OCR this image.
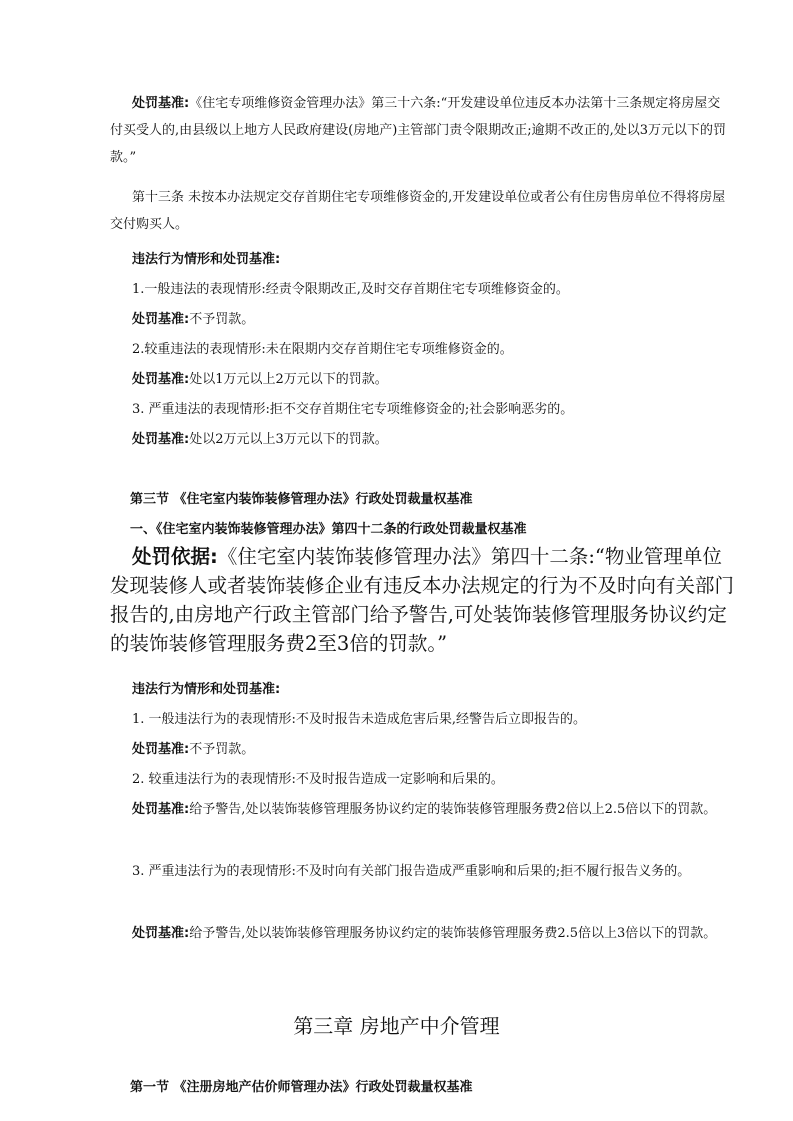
处罚基准:《住宅专项维修资金管理办法》第三十六条:“开发建设单位违反本办法第十三条规定将房屋交付买受人的,由县级以上地方人民政府建设(房地产)主管部门责令限期改正;逾期不改正的,处以3万元以下的罚款。”

第十三条 未按本办法规定交存首期住宅专项维修资金的,开发建设单位或者公有住房售房单位不得将房屋交付购买人。

违法行为情形和处罚基准:

1.一般违法的表现情形:经责令限期改正,及时交存首期住宅专项维修资金的。

处罚基准:不予罚款。

2.较重违法的表现情形:未在限期内交存首期住宅专项维修资金的。

处罚基准:处以1万元以上2万元以下的罚款。

3. 严重违法的表现情形:拒不交存首期住宅专项维修资金的;社会影响恶劣的。

处罚基准:处以2万元以上3万元以下的罚款。

第三节 《住宅室内装饰装修管理办法》行政处罚裁量权基准

一、《住宅室内装饰装修管理办法》第四十二条的行政处罚裁量权基准

处罚依据:《住宅室内装饰装修管理办法》第四十二条:“物业管理单位发现装修人或者装饰装修企业有违反本办法规定的行为不及时向有关部门报告的,由房地产行政主管部门给予警告,可处装饰装修管理服务协议约定的装饰装修管理服务费2至3倍的罚款。”

违法行为情形和处罚基准:

1. 一般违法行为的表现情形:不及时报告未造成危害后果,经警告后立即报告的。

处罚基准:不予罚款。

2. 较重违法行为的表现情形:不及时报告造成一定影响和后果的。

处罚基准:给予警告,处以装饰装修管理服务协议约定的装饰装修管理服务费2倍以上2.5倍以下的罚款。

3. 严重违法行为的表现情形:不及时向有关部门报告造成严重影响和后果的;拒不履行报告义务的。

处罚基准:给予警告,处以装饰装修管理服务协议约定的装饰装修管理服务费2.5倍以上3倍以下的罚款。

第三章 房地产中介管理

第一节 《注册房地产估价师管理办法》行政处罚裁量权基准
